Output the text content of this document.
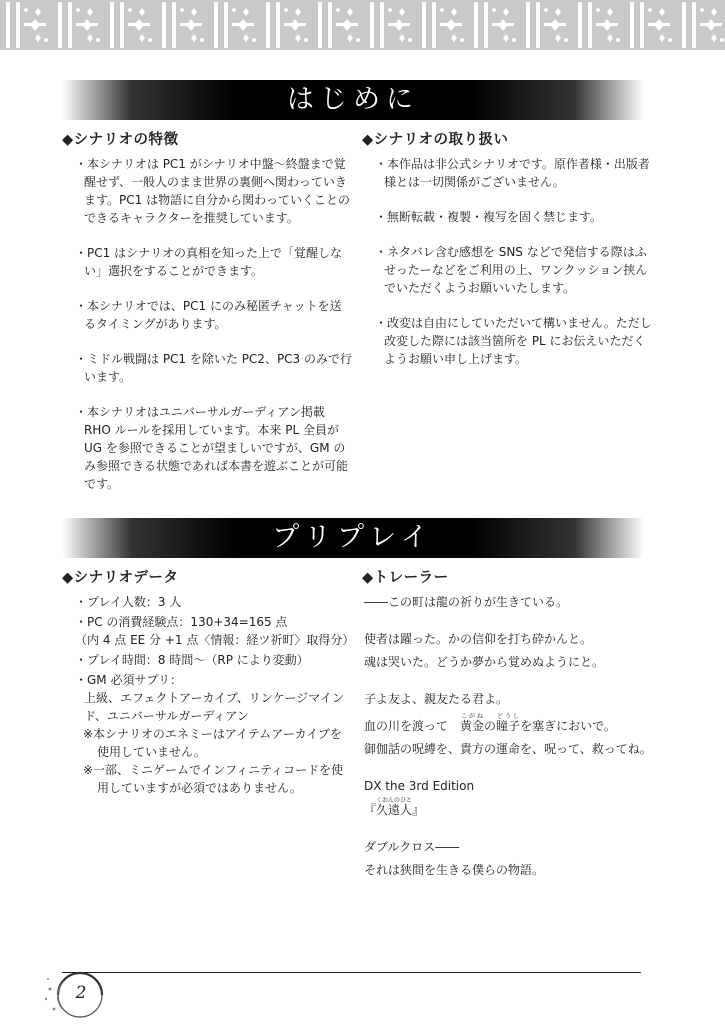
はじめに
◆シナリオの特徴

・本シナリオは PC1 がシナリオ中盤〜終盤まで覚醒せず、一般人のまま世界の裏側へ関わっていきます。PC1 は物語に自分から関わっていくことのできるキャラクターを推奨しています。

・PC1 はシナリオの真相を知った上で「覚醒しない」選択をすることができます。

・本シナリオでは、PC1 にのみ秘匿チャットを送るタイミングがあります。

・ミドル戦闘は PC1 を除いた PC2、PC3 のみで行います。

・本シナリオはユニバーサルガーディアン掲載 RHO ルールを採用しています。本来 PL 全員が UG を参照できることが望ましいですが、GM のみ参照できる状態であれば本書を遊ぶことが可能です。

◆シナリオの取り扱い

・本作品は非公式シナリオです。原作者様・出版者様とは一切関係がございません。

・無断転載・複製・複写を固く禁じます。

・ネタバレ含む感想を SNS などで発信する際はふせったーなどをご利用の上、ワンクッション挟んでいただくようお願いいたします。

・改変は自由にしていただいて構いません。ただし改変した際には該当箇所を PL にお伝えいただくようお願い申し上げます。

プリプレイ
◆シナリオデータ

・プレイ人数：3 人

・PC の消費経験点：130+34=165 点

（内 4 点 EE 分 +1 点〈情報：経ツ祈町〉取得分）

・プレイ時間：8 時間〜（RP により変動）

・GM 必須サプリ：

上級、エフェクトアーカイブ、リンケージマインド、ユニバーサルガーディアン

※本シナリオのエネミーはアイテムアーカイブを使用していません。

※一部、ミニゲームでインフィニティコードを使用していますが必須ではありません。

◆トレーラー

――この町は龍の祈りが生きている。

使者は躍った。かの信仰を打ち砕かんと。

魂は哭いた。どうか夢から覚めぬようにと。

子よ友よ、親友たる君よ。

血の川を渡って　黄金こがねの瞳子どうしを塞ぎにおいで。

御伽話の呪縛を、貴方の運命を、呪って、救ってね。

DX the 3rd Edition

『久遠人くおんのひと』

ダブルクロス――

それは狭間を生きる僕らの物語。

2
